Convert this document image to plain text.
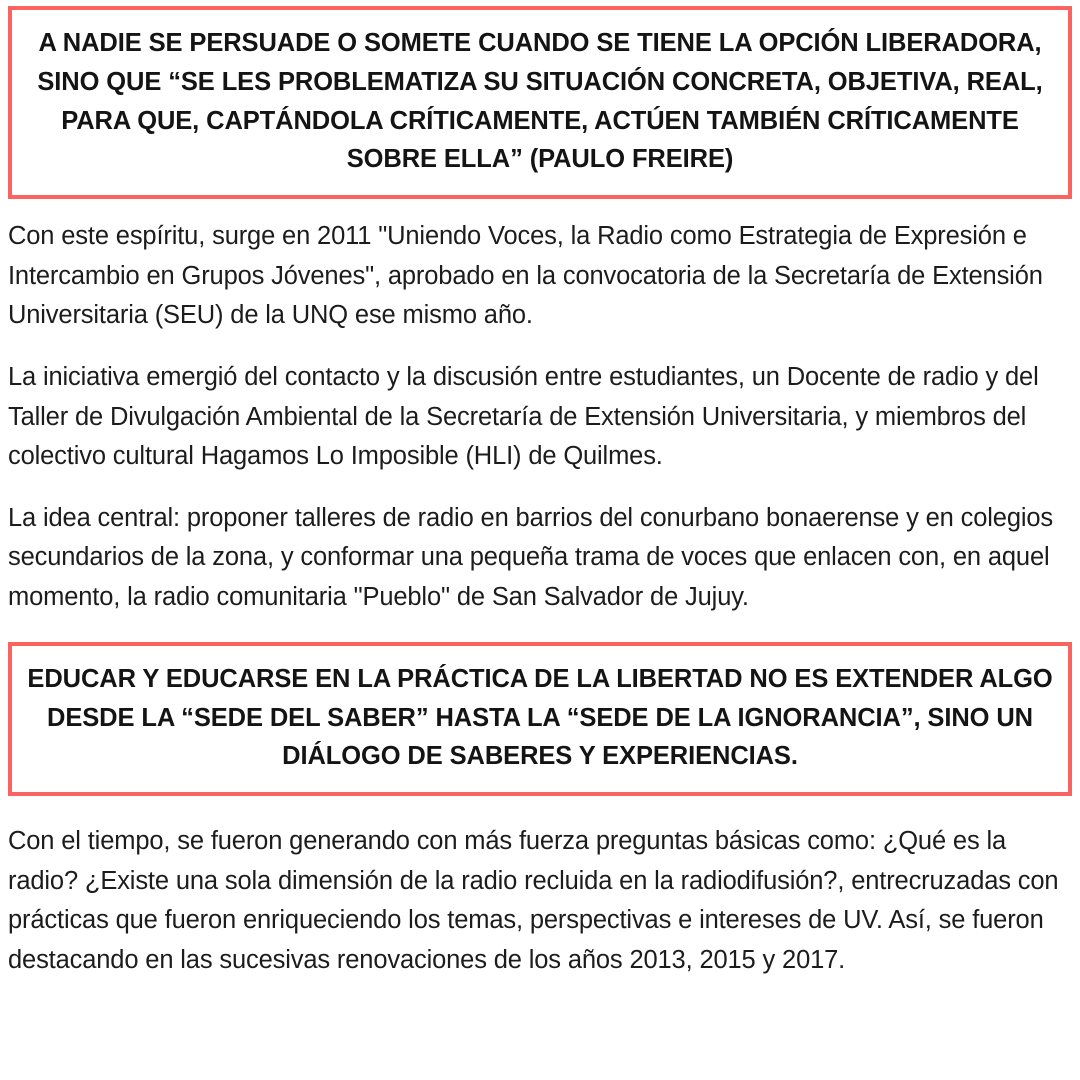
A NADIE SE PERSUADE O SOMETE CUANDO SE TIENE LA OPCIÓN LIBERADORA, SINO QUE “SE LES PROBLEMATIZA SU SITUACIÓN CONCRETA, OBJETIVA, REAL, PARA QUE, CAPTÁNDOLA CRÍTICAMENTE, ACTÚEN TAMBIÉN CRÍTICAMENTE SOBRE ELLA” (PAULO FREIRE)

Con este espíritu, surge en 2011 "Uniendo Voces, la Radio como Estrategia de Expresión e Intercambio en Grupos Jóvenes", aprobado en la convocatoria de la Secretaría de Extensión Universitaria (SEU) de la UNQ ese mismo año.

La iniciativa emergió del contacto y la discusión entre estudiantes, un Docente de radio y del Taller de Divulgación Ambiental de la Secretaría de Extensión Universitaria, y miembros del colectivo cultural Hagamos Lo Imposible (HLI) de Quilmes.

La idea central: proponer talleres de radio en barrios del conurbano bonaerense y en colegios secundarios de la zona, y conformar una pequeña trama de voces que enlacen con, en aquel momento, la radio comunitaria "Pueblo" de San Salvador de Jujuy.

EDUCAR Y EDUCARSE EN LA PRÁCTICA DE LA LIBERTAD NO ES EXTENDER ALGO DESDE LA “SEDE DEL SABER” HASTA LA “SEDE DE LA IGNORANCIA”, SINO UN DIÁLOGO DE SABERES Y EXPERIENCIAS.

Con el tiempo, se fueron generando con más fuerza preguntas básicas como: ¿Qué es la radio? ¿Existe una sola dimensión de la radio recluida en la radiodifusión?, entrecruzadas con prácticas que fueron enriqueciendo los temas, perspectivas e intereses de UV. Así, se fueron destacando en las sucesivas renovaciones de los años 2013, 2015 y 2017.
